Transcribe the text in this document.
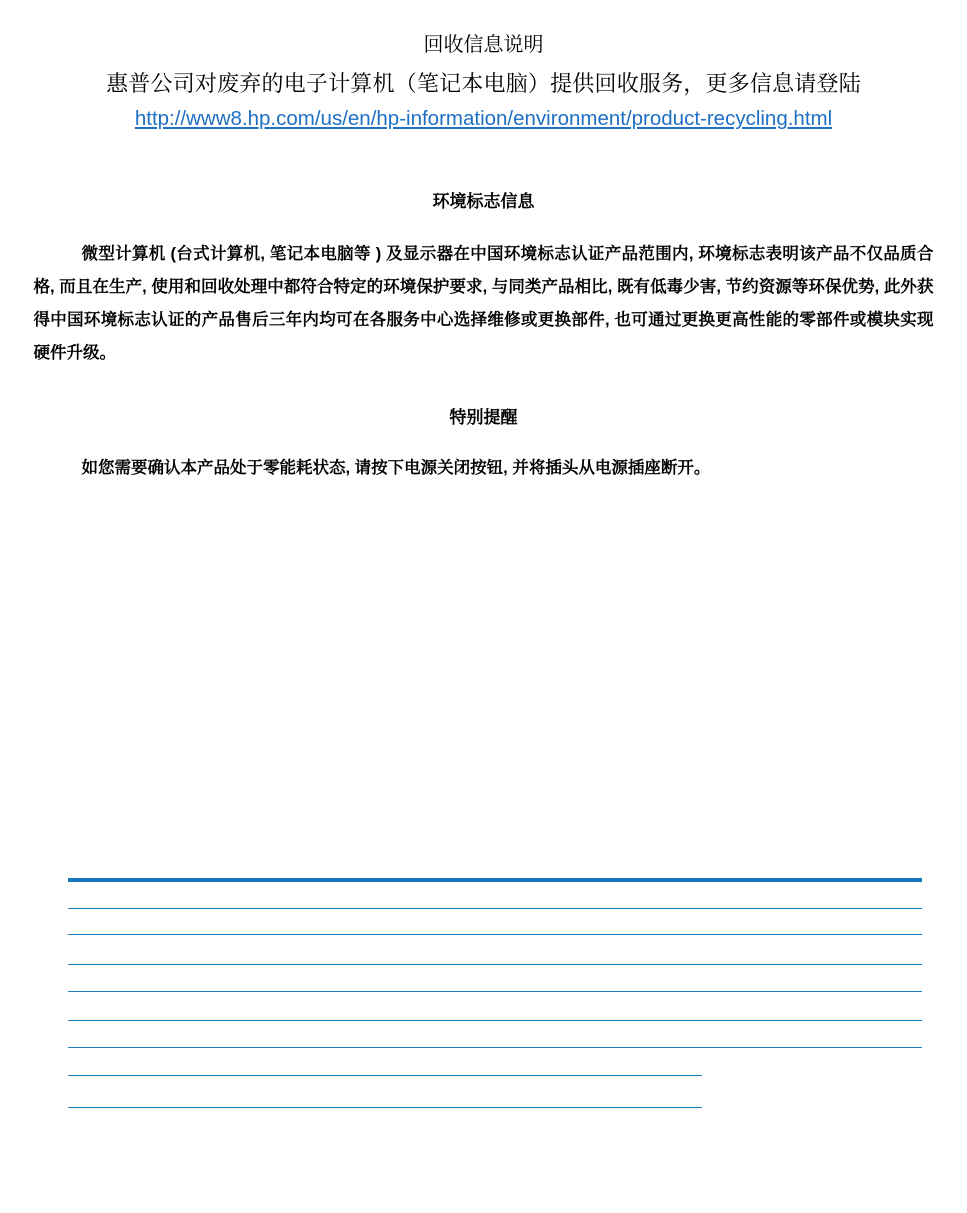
回收信息说明
惠普公司对废弃的电子计算机（笔记本电脑）提供回收服务，更多信息请登陆
http://www8.hp.com/us/en/hp-information/environment/product-recycling.html
环境标志信息
微型计算机 (台式计算机, 笔记本电脑等 ) 及显示器在中国环境标志认证产品范围内, 环境标志表明该产品不仅品质合格, 而且在生产, 使用和回收处理中都符合特定的环境保护要求, 与同类产品相比, 既有低毒少害, 节约资源等环保优势, 此外获得中国环境标志认证的产品售后三年内均可在各服务中心选择维修或更换部件, 也可通过更换更高性能的零部件或模块实现硬件升级。
特别提醒
如您需要确认本产品处于零能耗状态, 请按下电源关闭按钮, 并将插头从电源插座断开。
